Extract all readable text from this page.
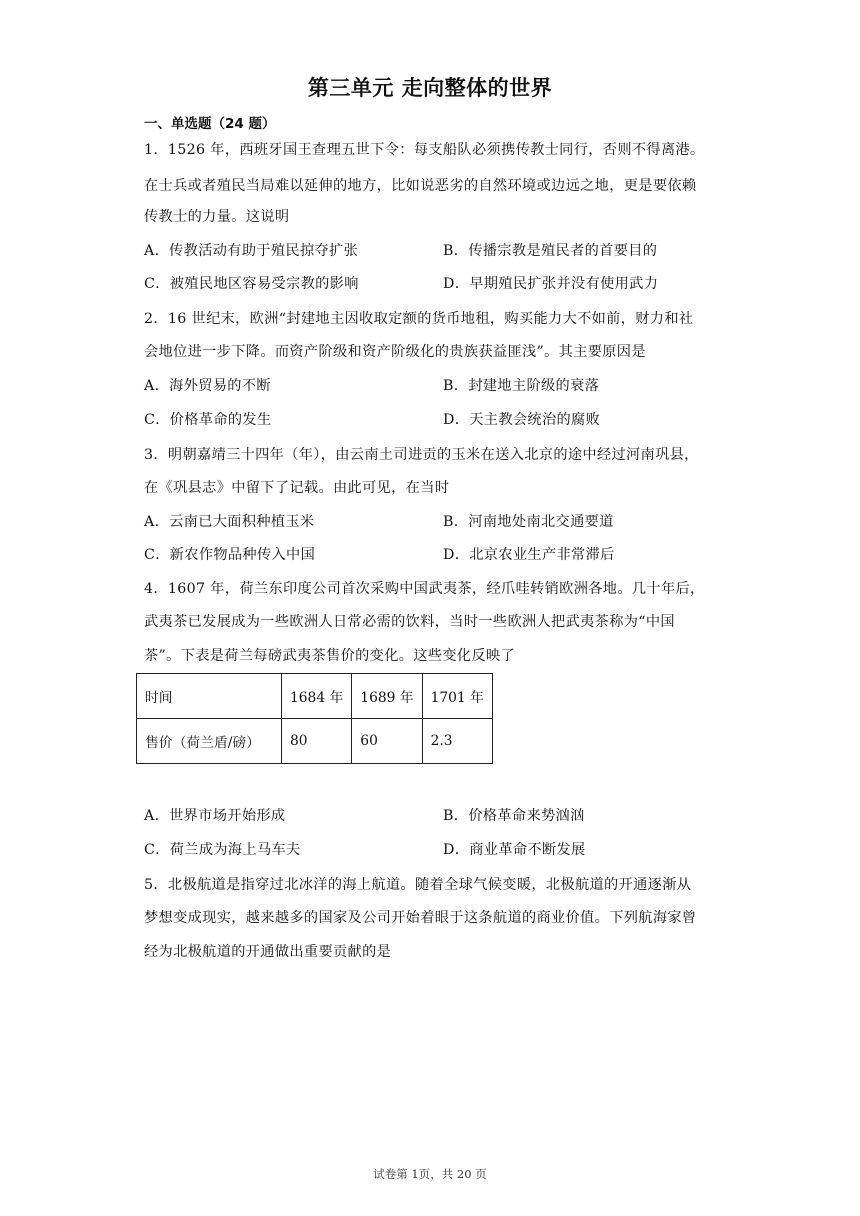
第三单元 走向整体的世界
一、单选题（24 题）
1．1526 年，西班牙国王查理五世下令：每支船队必须携传教士同行，否则不得离港。
在士兵或者殖民当局难以延伸的地方，比如说恶劣的自然环境或边远之地，更是要依赖
传教士的力量。这说明
A．传教活动有助于殖民掠夺扩张	B．传播宗教是殖民者的首要目的
C．被殖民地区容易受宗教的影响	D．早期殖民扩张并没有使用武力
2．16 世纪末，欧洲“封建地主因收取定额的货币地租，购买能力大不如前，财力和社
会地位进一步下降。而资产阶级和资产阶级化的贵族获益匪浅”。其主要原因是
A．海外贸易的不断	B．封建地主阶级的衰落
C．价格革命的发生	D．天主教会统治的腐败
3．明朝嘉靖三十四年（年），由云南土司进贡的玉米在送入北京的途中经过河南巩县，
在《巩县志》中留下了记载。由此可见，在当时
A．云南已大面积种植玉米	B．河南地处南北交通要道
C．新农作物品种传入中国	D．北京农业生产非常滞后
4．1607 年，荷兰东印度公司首次采购中国武夷茶，经爪哇转销欧洲各地。几十年后，
武夷茶已发展成为一些欧洲人日常必需的饮料，当时一些欧洲人把武夷茶称为“中国
茶”。下表是荷兰每磅武夷茶售价的变化。这些变化反映了
时间	1684 年	1689 年	1701 年
售价（荷兰盾/磅）	80	60	2.3
A．世界市场开始形成	B．价格革命来势汹汹
C．荷兰成为海上马车夫	D．商业革命不断发展
5．北极航道是指穿过北冰洋的海上航道。随着全球气候变暖，北极航道的开通逐渐从
梦想变成现实，越来越多的国家及公司开始着眼于这条航道的商业价值。下列航海家曾
经为北极航道的开通做出重要贡献的是
试卷第 1页，共 20 页
